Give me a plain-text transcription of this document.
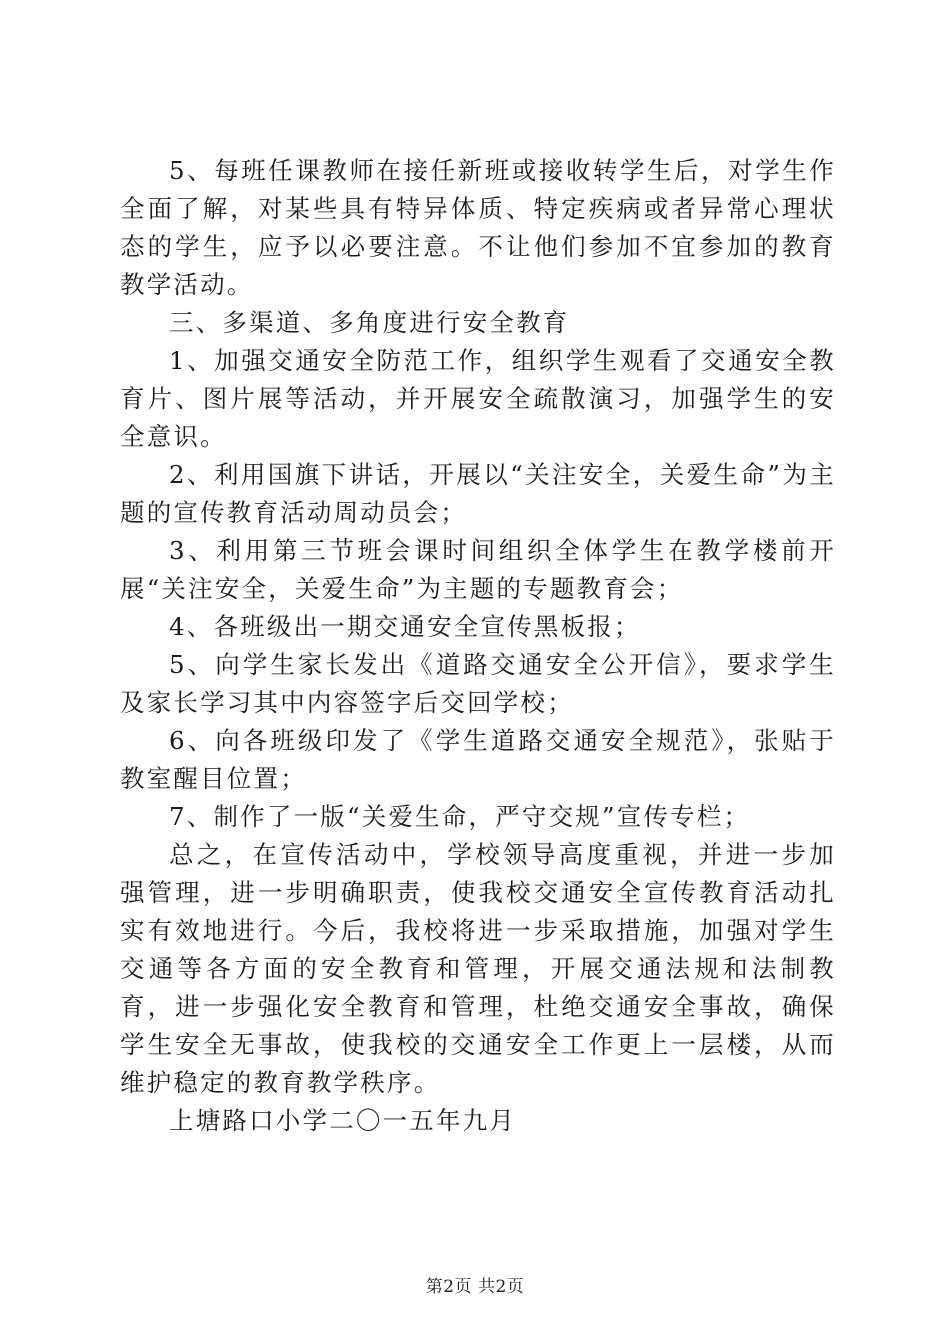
5、每班任课教师在接任新班或接收转学生后，对学生作全面了解，对某些具有特异体质、特定疾病或者异常心理状态的学生，应予以必要注意。不让他们参加不宜参加的教育教学活动。

三、多渠道、多角度进行安全教育

1、加强交通安全防范工作，组织学生观看了交通安全教育片、图片展等活动，并开展安全疏散演习，加强学生的安全意识。

2、利用国旗下讲话，开展以“关注安全，关爱生命”为主题的宣传教育活动周动员会；

3、利用第三节班会课时间组织全体学生在教学楼前开展“关注安全，关爱生命”为主题的专题教育会；

4、各班级出一期交通安全宣传黑板报；

5、向学生家长发出《道路交通安全公开信》，要求学生及家长学习其中内容签字后交回学校；

6、向各班级印发了《学生道路交通安全规范》，张贴于教室醒目位置；

7、制作了一版“关爱生命，严守交规”宣传专栏；

总之，在宣传活动中，学校领导高度重视，并进一步加强管理，进一步明确职责，使我校交通安全宣传教育活动扎实有效地进行。今后，我校将进一步采取措施，加强对学生交通等各方面的安全教育和管理，开展交通法规和法制教育，进一步强化安全教育和管理，杜绝交通安全事故，确保学生安全无事故，使我校的交通安全工作更上一层楼，从而维护稳定的教育教学秩序。

上塘路口小学二〇一五年九月

第2页 共2页
